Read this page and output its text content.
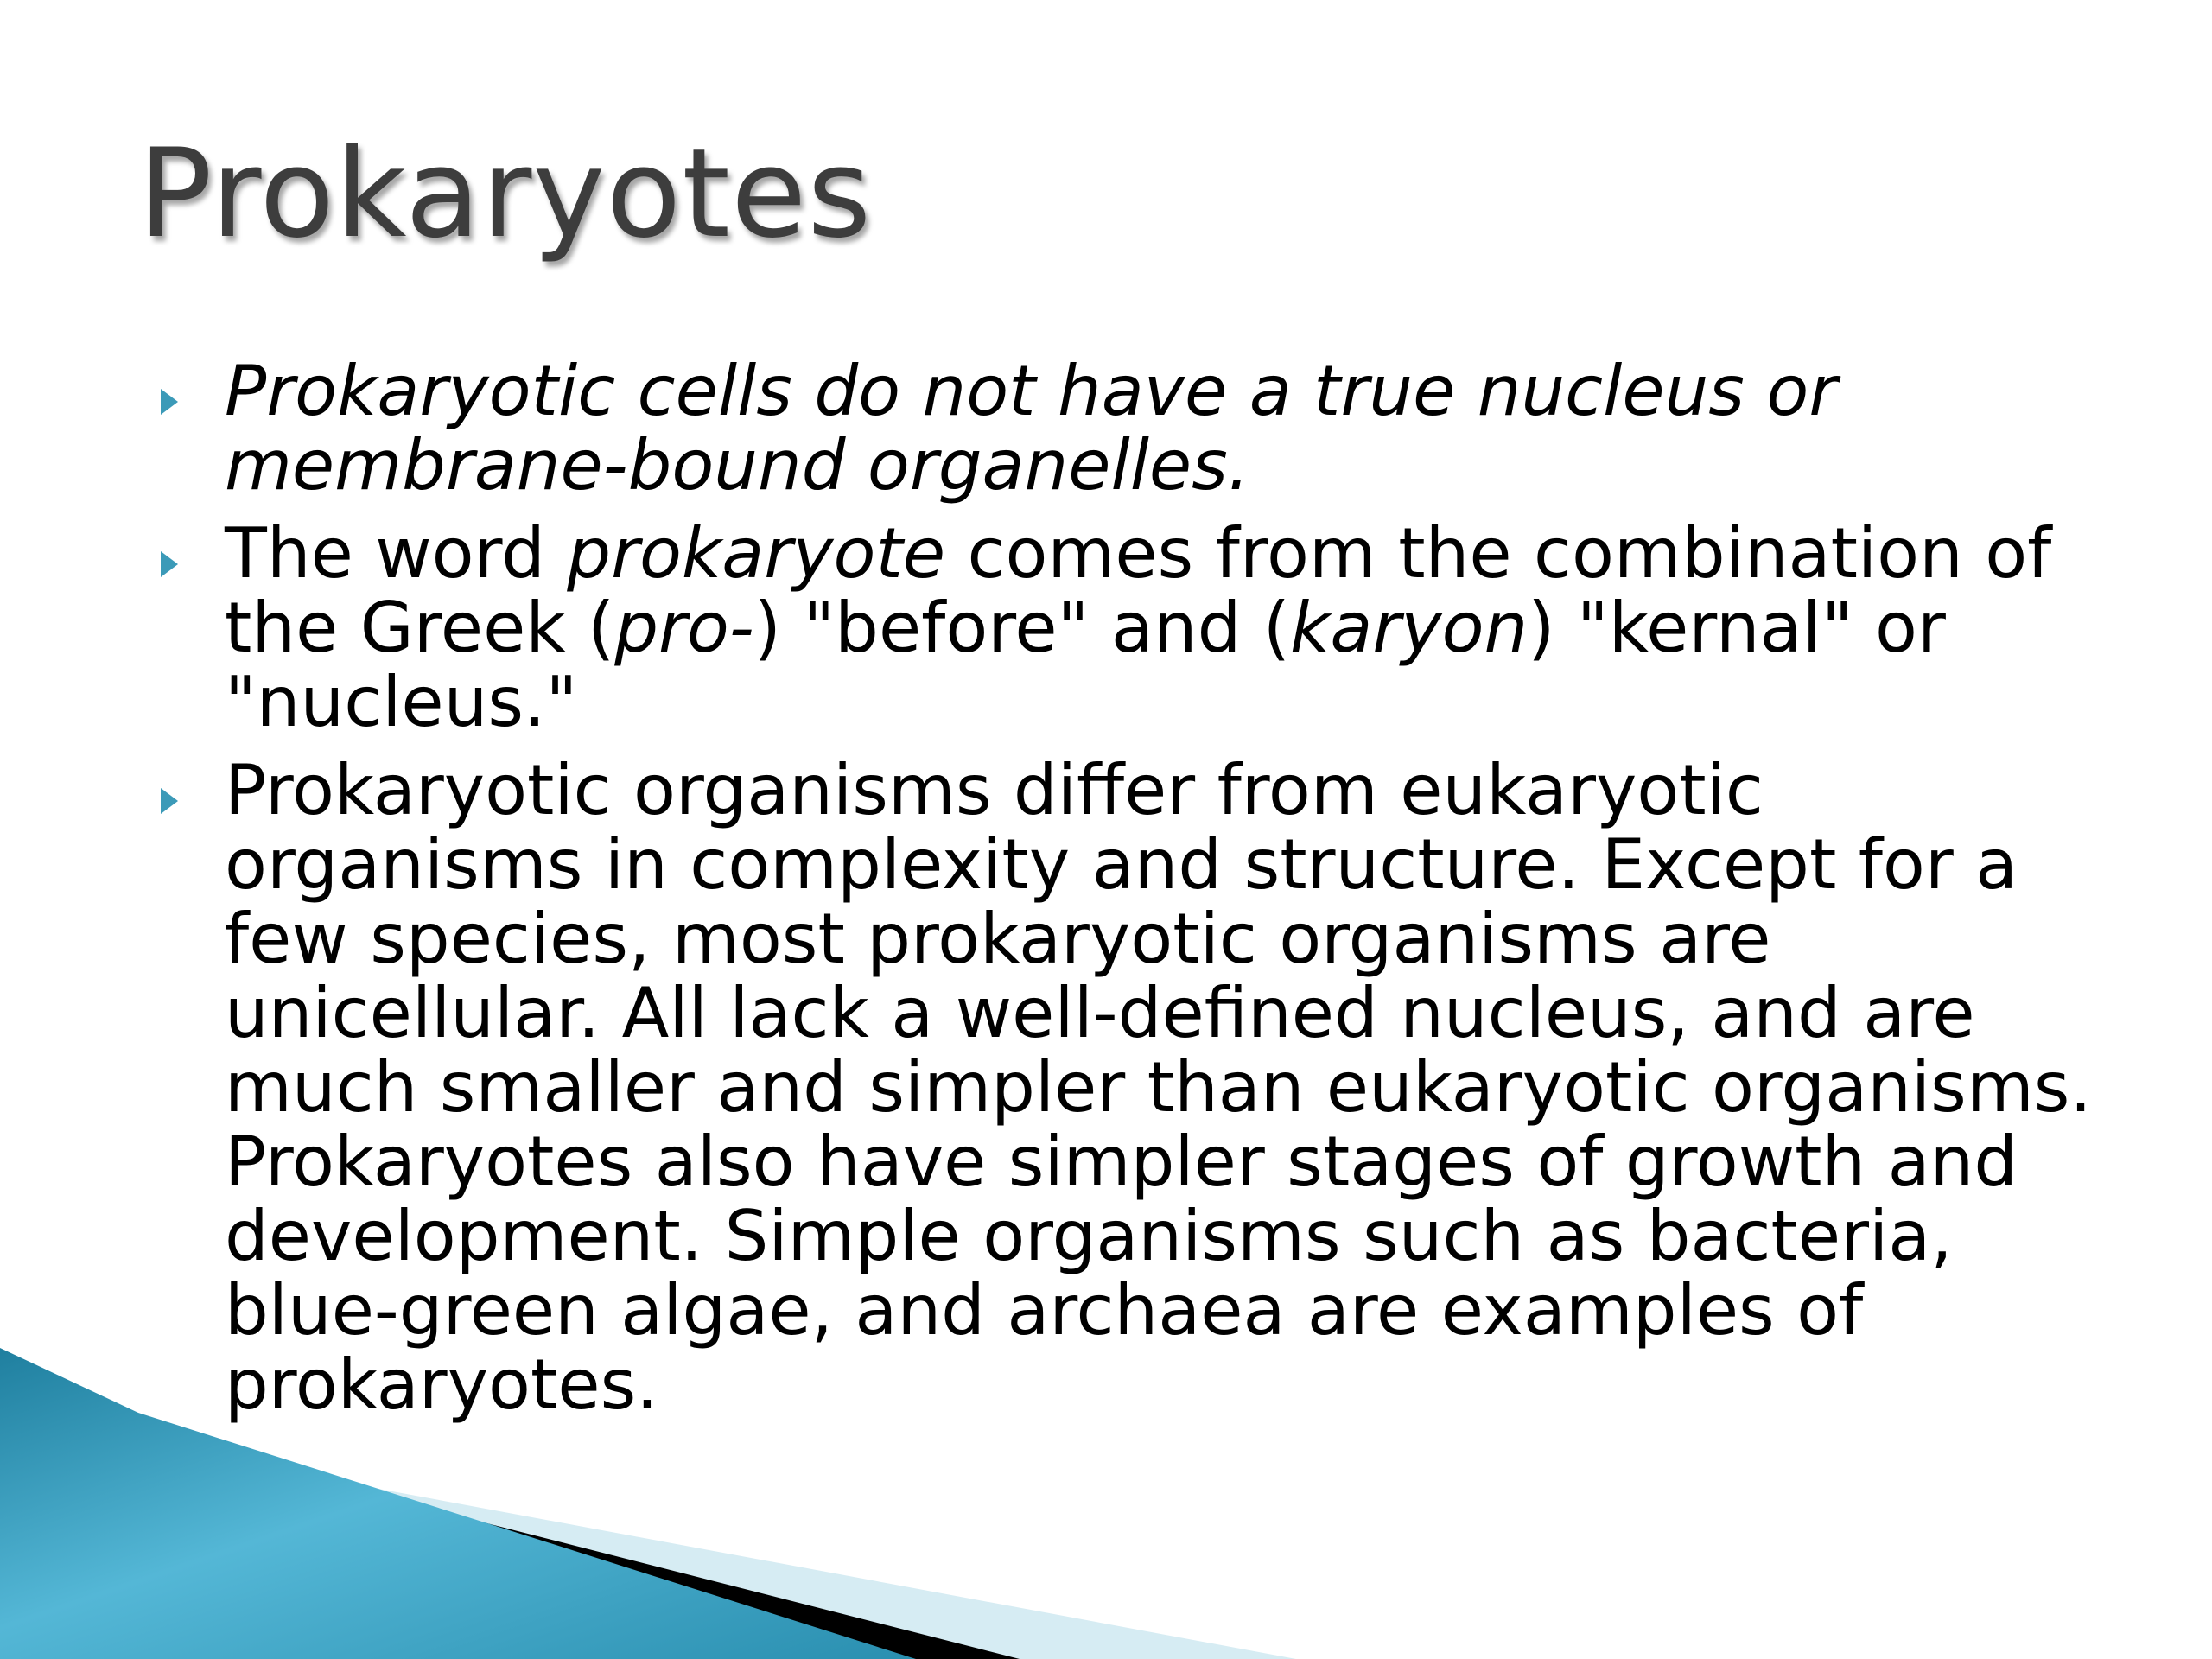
Prokaryotes
Prokaryotic cells do not have a true nucleus or membrane-bound organelles.
The word prokaryote comes from the combination of the Greek (pro-) "before" and (karyon) "kernal" or "nucleus."
Prokaryotic organisms differ from eukaryotic organisms in complexity and structure. Except for a few species, most prokaryotic organisms are unicellular. All lack a well-defined nucleus, and are much smaller and simpler than eukaryotic organisms. Prokaryotes also have simpler stages of growth and development. Simple organisms such as bacteria, blue-green algae, and archaea are examples of prokaryotes.
